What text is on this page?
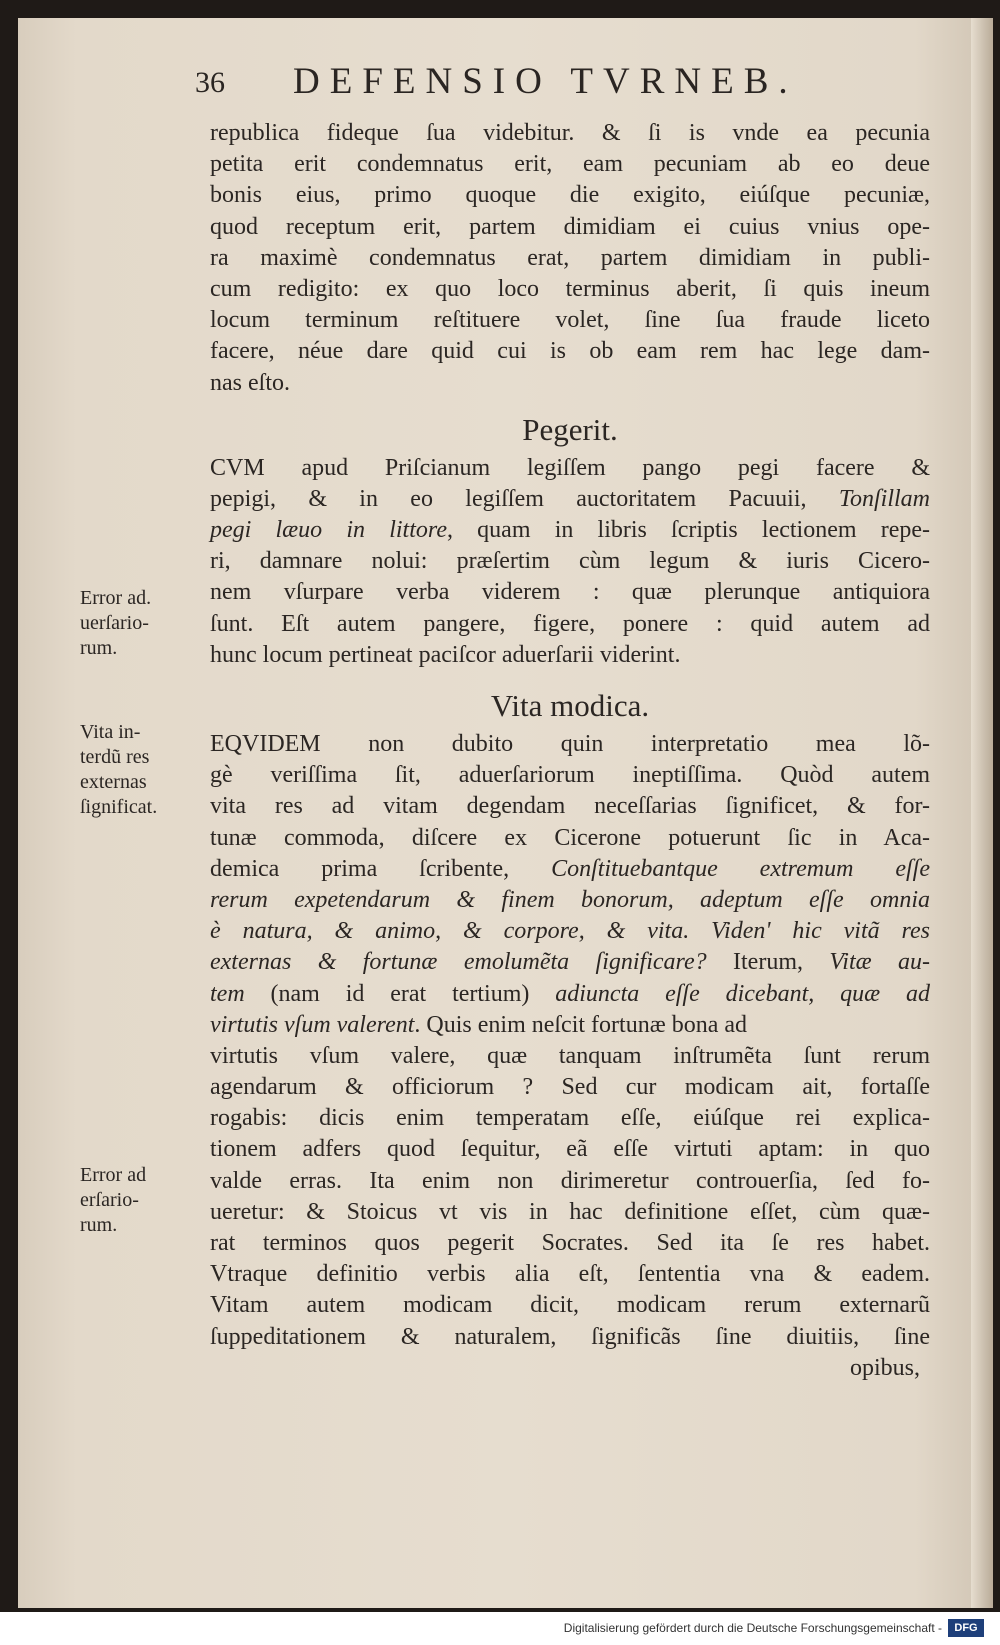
36 DEFENSIO TVRNEB.
republica fideque ſua videbitur. & ſi is vnde ea pecunia
petita erit condemnatus erit, eam pecuniam ab eo deue
bonis eius, primo quoque die exigito, eiúſque pecuniæ,
quod receptum erit, partem dimidiam ei cuius vnius ope-
ra maximè condemnatus erat, partem dimidiam in publi-
cum redigito: ex quo loco terminus aberit, ſi quis ineum
locum terminum reſtituere volet, ſine ſua fraude liceto
facere, néue dare quid cui is ob eam rem hac lege dam-
nas eſto.
Pegerit.
CVM apud Priſcianum legiſſem pango pegi facere &
pepigi, & in eo legiſſem auctoritatem Pacuuii, Tonſillam
pegi læuo in littore, quam in libris ſcriptis lectionem repe-
ri, damnare nolui: præſertim cùm legum & iuris Cicero-
nem vſurpare verba viderem : quæ plerunque antiquiora
ſunt. Eſt autem pangere, figere, ponere : quid autem ad
hunc locum pertineat paciſcor aduerſarii viderint.
Vita modica.
EQVIDEM non dubito quin interpretatio mea lõ-
gè veriſſima ſit, aduerſariorum ineptiſſima. Quòd autem
vita res ad vitam degendam neceſſarias ſignificet, & for-
tunæ commoda, diſcere ex Cicerone potuerunt ſic in Aca-
demica prima ſcribente, Conſtituebantque extremum eſſe
rerum expetendarum & finem bonorum, adeptum eſſe omnia
è natura, & animo, & corpore, & vita. Viden' hic vitã res
externas & fortunæ emolumẽta ſignificare? Iterum, Vitæ au-
tem (nam id erat tertium) adiuncta eſſe dicebant, quæ ad
virtutis vſum valerent. Quis enim neſcit fortunæ bona ad
virtutis vſum valere, quæ tanquam inſtrumẽta ſunt rerum
agendarum & officiorum ? Sed cur modicam ait, fortaſſe
rogabis: dicis enim temperatam eſſe, eiúſque rei explica-
tionem adfers quod ſequitur, eã eſſe virtuti aptam: in quo
valde erras. Ita enim non dirimeretur controuerſia, ſed fo-
ueretur: & Stoicus vt vis in hac definitione eſſet, cùm quæ-
rat terminos quos pegerit Socrates. Sed ita ſe res habet.
Vtraque definitio verbis alia eſt, ſententia vna & eadem.
Vitam autem modicam dicit, modicam rerum externarũ
ſuppeditationem & naturalem, ſignificãs ſine diuitiis, ſine
opibus,
Error ad.
uerſario-
rum.
Vita in-
terdũ res
externas
ſignificat.
Error ad
erſario-
rum.
Digitalisierung gefördert durch die Deutsche Forschungsgemeinschaft -	DFG
